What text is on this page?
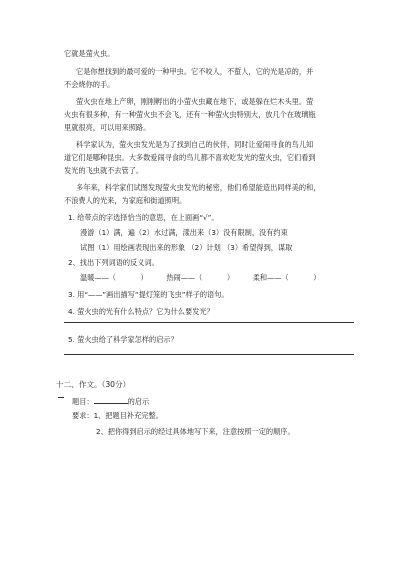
它就是萤火虫。
它是你想找到的最可爱的一种甲虫。它不咬人，不蜇人，它的光是凉的，并
不会烧你的手。
萤火虫在地上产卵，刚刚孵出的小萤火虫藏在地下，或是躲在烂木头里。萤
火虫有很多种，有一种萤火虫不会飞，还有一种萤火虫特别大，放几个在玻璃瓶
里就很亮，可以用来照路。
科学家认为，萤火虫发光是为了找到自己的伙伴，同时让爱闹寻食的鸟儿知
道它们是哪种昆虫。大多数爱闹寻食的鸟儿都不喜欢吃发光的萤火虫，它们看到
发光的飞虫就不去管了。
多年来，科学家们试图发现萤火虫发光的秘密，他们希望能造出同样美的和，
不浪费人的光来，为家庭和街道照明。
1. 给带点的字选择恰当的意思，在上面画“√”。
漫游（1）满，遍（2）水过满，漾出来（3）没有限制，没有约束
试图（1）用绘画表现出来的形象 （2）计划 （3）希望得到，谋取
2、找出下列词语的反义词。
温暖——（	）	热闹——（	）	柔和——（	）
3. 用“——”画出描写“提灯笼的飞虫”样子的语句。
4. 萤火虫的光有什么特点？它为什么要发光？
5. 萤火虫给了科学家怎样的启示？
十二、作文。（30分）
题目：	的启示
要求：1、把题目补充完整。
2、把你得到启示的经过具体地写下来，注意按照一定的顺序。
